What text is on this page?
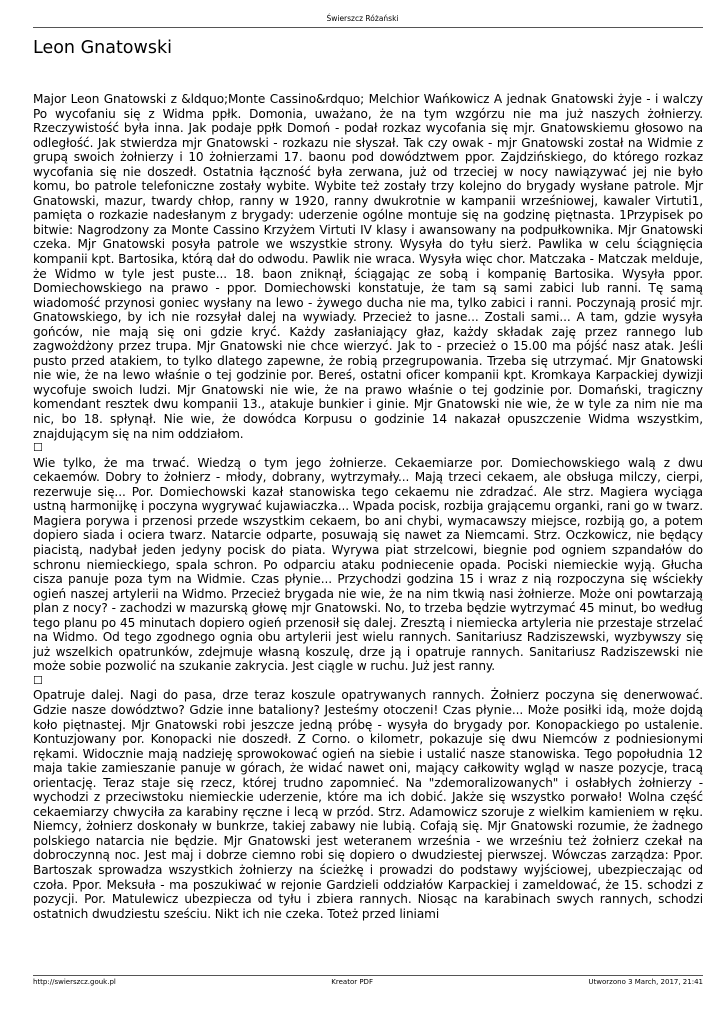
Świerszcz Różański
Leon Gnatowski

Major Leon Gnatowski z &ldquo;Monte Cassino&rdquo; Melchior Wańkowicz A jednak Gnatowski żyje - i walczy Po wycofaniu się z Widma ppłk. Domonia, uważano, że na tym wzgórzu nie ma już naszych żołnierzy. Rzeczywistość była inna. Jak podaje ppłk Domoń - podał rozkaz wycofania się mjr. Gnatowskiemu głosowo na odległość. Jak stwierdza mjr Gnatowski - rozkazu nie słyszał. Tak czy owak - mjr Gnatowski został na Widmie z grupą swoich żołnierzy i 10 żołnierzami 17. baonu pod dowództwem ppor. Zajdzińskiego, do którego rozkaz wycofania się nie doszedł. Ostatnia łączność była zerwana, już od trzeciej w nocy nawiązywać jej nie było komu, bo patrole telefoniczne zostały wybite. Wybite też zostały trzy kolejno do brygady wysłane patrole. Mjr Gnatowski, mazur, twardy chłop, ranny w 1920, ranny dwukrotnie w kampanii wrześniowej, kawaler Virtuti1, pamięta o rozkazie nadesłanym z brygady: uderzenie ogólne montuje się na godzinę piętnasta. 1Przypisek po bitwie: Nagrodzony za Monte Cassino Krzyżem Virtuti IV klasy i awansowany na podpułkownika. Mjr Gnatowski czeka. Mjr Gnatowski posyła patrole we wszystkie strony. Wysyła do tyłu sierż. Pawlika w celu ściągnięcia kompanii kpt. Bartosika, którą dał do odwodu. Pawlik nie wraca. Wysyła więc chor. Matczaka - Matczak melduje, że Widmo w tyle jest puste... 18. baon zniknął, ściągając ze sobą i kompanię Bartosika. Wysyła ppor. Domiechowskiego na prawo - ppor. Domiechowski konstatuje, że tam są sami zabici lub ranni. Tę samą wiadomość przynosi goniec wysłany na lewo - żywego ducha nie ma, tylko zabici i ranni. Poczynają prosić mjr. Gnatowskiego, by ich nie rozsyłał dalej na wywiady. Przecież to jasne... Zostali sami... A tam, gdzie wysyła gońców, nie mają się oni gdzie kryć. Każdy zasłaniający głaz, każdy składak zaję przez rannego lub zagwożdżony przez trupa. Mjr Gnatowski nie chce wierzyć. Jak to - przecież o 15.00 ma pójść nasz atak. Jeśli pusto przed atakiem, to tylko dlatego zapewne, że robią przegrupowania. Trzeba się utrzymać. Mjr Gnatowski nie wie, że na lewo właśnie o tej godzinie por. Bereś, ostatni oficer kompanii kpt. Kromkaya Karpackiej dywizji wycofuje swoich ludzi. Mjr Gnatowski nie wie, że na prawo właśnie o tej godzinie por. Domański, tragiczny komendant resztek dwu kompanii 13., atakuje bunkier i ginie. Mjr Gnatowski nie wie, że w tyle za nim nie ma nic, bo 18. spłynął. Nie wie, że dowódca Korpusu o godzinie 14 nakazał opuszczenie Widma wszystkim, znajdującym się na nim oddziałom.

☐

Wie tylko, że ma trwać. Wiedzą o tym jego żołnierze. Cekaemiarze por. Domiechowskiego walą z dwu cekaemów. Dobry to żołnierz - młody, dobrany, wytrzymały... Mają trzeci cekaem, ale obsługa milczy, cierpi, rezerwuje się... Por. Domiechowski kazał stanowiska tego cekaemu nie zdradzać. Ale strz. Magiera wyciąga ustną harmonijkę i poczyna wygrywać kujawiaczka... Wpada pocisk, rozbija grającemu organki, rani go w twarz. Magiera porywa i przenosi przede wszystkim cekaem, bo ani chybi, wymacawszy miejsce, rozbiją go, a potem dopiero siada i ociera twarz. Natarcie odparte, posuwają się nawet za Niemcami. Strz. Oczkowicz, nie będący piacistą, nadybał jeden jedyny pocisk do piata. Wyrywa piat strzelcowi, biegnie pod ogniem szpandałów do schronu niemieckiego, spala schron. Po odparciu ataku podniecenie opada. Pociski niemieckie wyją. Głucha cisza panuje poza tym na Widmie. Czas płynie... Przychodzi godzina 15 i wraz z nią rozpoczyna się wściekły ogień naszej artylerii na Widmo. Przecież brygada nie wie, że na nim tkwią nasi żołnierze. Może oni powtarzają plan z nocy? - zachodzi w mazurską głowę mjr Gnatowski. No, to trzeba będzie wytrzymać 45 minut, bo według tego planu po 45 minutach dopiero ogień przenosił się dalej. Zresztą i niemiecka artyleria nie przestaje strzelać na Widmo. Od tego zgodnego ognia obu artylerii jest wielu rannych. Sanitariusz Radziszewski, wyzbywszy się już wszelkich opatrunków, zdejmuje własną koszulę, drze ją i opatruje rannych. Sanitariusz Radziszewski nie może sobie pozwolić na szukanie zakrycia. Jest ciągle w ruchu. Już jest ranny.

☐

Opatruje dalej. Nagi do pasa, drze teraz koszule opatrywanych rannych. Żołnierz poczyna się denerwować. Gdzie nasze dowództwo? Gdzie inne bataliony? Jesteśmy otoczeni! Czas płynie... Może posiłki idą, może dojdą koło piętnastej. Mjr Gnatowski robi jeszcze jedną próbę - wysyła do brygady por. Konopackiego po ustalenie. Kontuzjowany por. Konopacki nie doszedł. Z Corno. o kilometr, pokazuje się dwu Niemców z podniesionymi rękami. Widocznie mają nadzieję sprowokować ogień na siebie i ustalić nasze stanowiska. Tego popołudnia 12 maja takie zamieszanie panuje w górach, że widać nawet oni, mający całkowity wgląd w nasze pozycje, tracą orientację. Teraz staje się rzecz, której trudno zapomnieć. Na "zdemoralizowanych" i osłabłych żołnierzy - wychodzi z przeciwstoku niemieckie uderzenie, które ma ich dobić. Jakże się wszystko porwało! Wolna część cekaemiarzy chwyciła za karabiny ręczne i lecą w przód. Strz. Adamowicz szoruje z wielkim kamieniem w ręku. Niemcy, żołnierz doskonały w bunkrze, takiej zabawy nie lubią. Cofają się. Mjr Gnatowski rozumie, że żadnego polskiego natarcia nie będzie. Mjr Gnatowski jest weteranem września - we wrześniu też żołnierz czekał na dobroczynną noc. Jest maj i dobrze ciemno robi się dopiero o dwudziestej pierwszej. Wówczas zarządza: Ppor. Bartoszak sprowadza wszystkich żołnierzy na ścieżkę i prowadzi do podstawy wyjściowej, ubezpieczając od czoła. Ppor. Meksuła - ma poszukiwać w rejonie Gardzieli oddziałów Karpackiej i zameldować, że 15. schodzi z pozycji. Por. Matulewicz ubezpiecza od tyłu i zbiera rannych. Niosąc na karabinach swych rannych, schodzi ostatnich dwudziestu sześciu. Nikt ich nie czeka. Toteż przed liniami

http://swierszcz.gouk.pl	Kreator PDF	Utworzono 3 March, 2017, 21:41
